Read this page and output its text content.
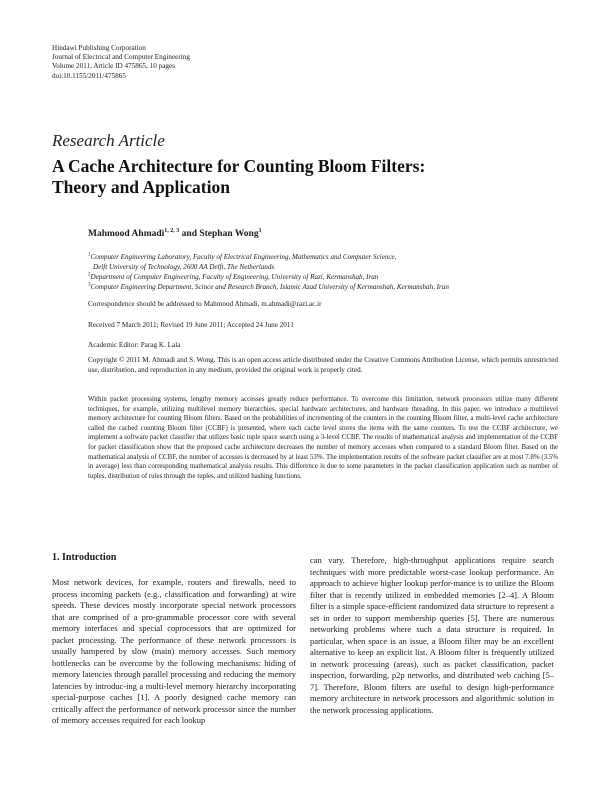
Hindawi Publishing Corporation
Journal of Electrical and Computer Engineering
Volume 2011, Article ID 475865, 10 pages
doi:10.1155/2011/475865
Research Article
A Cache Architecture for Counting Bloom Filters:
Theory and Application
Mahmood Ahmadi$^{1, 2, 3}$ and Stephan Wong$^1$
$^1$Computer Engineering Laboratory, Faculty of Electrical Engineering, Mathematics and Computer Science,
Delft University of Technology, 2600 AA Delft, The Netherlands
$^2$Department of Computer Engineering, Faculty of Engineering, University of Razi, Kermanshah, Iran
$^3$Computer Engineering Department, Scince and Research Branch, Islamic Azad University of Kermanshah, Kermanshah, Iran
Correspondence should be addressed to Mahmood Ahmadi, m.ahmadi@razi.ac.ir
Received 7 March 2011; Revised 19 June 2011; Accepted 24 June 2011
Academic Editor: Parag K. Lala
Copyright © 2011 M. Ahmadi and S. Wong. This is an open access article distributed under the Creative Commons Attribution License, which permits unrestricted use, distribution, and reproduction in any medium, provided the original work is properly cited.
Within packet processing systems, lengthy memory accesses greatly reduce performance. To overcome this limitation, network processors utilize many different techniques, for example, utilizing multilevel memory hierarchies, special hardware architectures, and hardware threading. In this paper, we introduce a multilevel memory architecture for counting Bloom filters. Based on the probabilities of incrementing of the counters in the counting Bloom filter, a multi-level cache architecture called the cached counting Bloom filter (CCBF) is presented, where each cache level stores the items with the same counters. To test the CCBF architecture, we implement a software packet classifier that utilizes basic tuple space search using a 3-level CCBF. The results of mathematical analysis and implementation of the CCBF for packet classification show that the proposed cache architecture decreases the number of memory accesses when compared to a standard Bloom filter. Based on the mathematical analysis of CCBF, the number of accesses is decreased by at least 53%. The implementation results of the software packet classifier are at most 7.8% (3.5% in average) less than corresponding mathematical analysis results. This difference is due to some parameters in the packet classification application such as number of tuples, distribution of rules through the tuples, and utilized hashing functions.
1. Introduction
Most network devices, for example, routers and firewalls, need to process incoming packets (e.g., classification and forwarding) at wire speeds. These devices mostly incorporate special network processors that are comprised of a pro-grammable processor core with several memory interfaces and special coprocessors that are optimized for packet processing. The performance of these network processors is usually hampered by slow (main) memory accesses. Such memory bottlenecks can be overcome by the following mechanisms: hiding of memory latencies through parallel processing and reducing the memory latencies by introduc-ing a multi-level memory hierarchy incorporating special-purpose caches [1]. A poorly designed cache memory can critically affect the performance of network processor since the number of memory accesses required for each lookup
can vary. Therefore, high-throughput applications require search techniques with more predictable worst-case lookup performance. An approach to achieve higher lookup perfor-mance is to utilize the Bloom filter that is recently utilized in embedded memories [2–4]. A Bloom filter is a simple space-efficient randomized data structure to represent a set in order to support membership queries [5]. There are numerous networking problems where such a data structure is required. In particular, when space is an issue, a Bloom filter may be an excellent alternative to keep an explicit list. A Bloom filter is frequently utilized in network processing (areas), such as packet classification, packet inspection, forwarding, p2p networks, and distributed web caching [5–7]. Therefore, Bloom filters are useful to design high-performance memory architecture in network processors and algorithmic solution in the network processing applications.
